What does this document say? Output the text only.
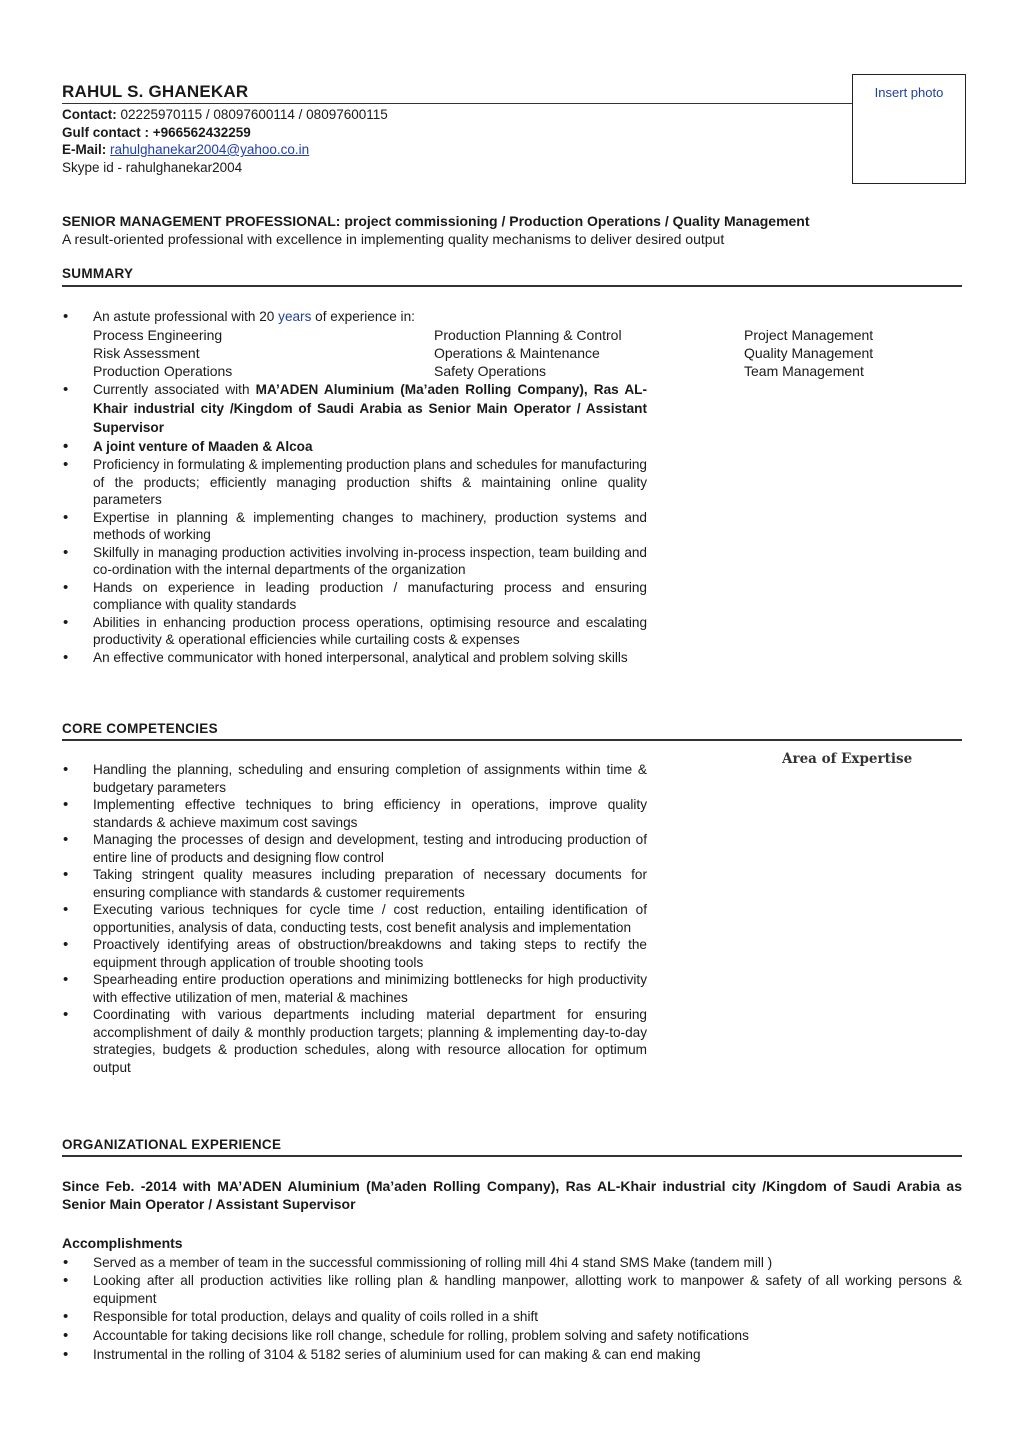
RAHUL S. GHANEKAR	Insert photo
Contact: 02225970115 / 08097600114 / 08097600115
Gulf contact : +966562432259
E-Mail: rahulghanekar2004@yahoo.co.in
Skype id - rahulghanekar2004
SENIOR MANAGEMENT PROFESSIONAL: project commissioning / Production Operations / Quality Management
A result-oriented professional with excellence in implementing quality mechanisms to deliver desired output
SUMMARY
• An astute professional with 20 years of experience in:
Process Engineering	Production Planning & Control	Project Management
Risk Assessment	Operations & Maintenance	Quality Management
Production Operations	Safety Operations	Team Management
• Currently associated with MA’ADEN Aluminium (Ma’aden Rolling Company), Ras AL-Khair industrial city /Kingdom of Saudi Arabia as Senior Main Operator / Assistant Supervisor
• A joint venture of Maaden & Alcoa
• Proficiency in formulating & implementing production plans and schedules for manufacturing of the products; efficiently managing production shifts & maintaining online quality parameters
• Expertise in planning & implementing changes to machinery, production systems and methods of working
• Skilfully in managing production activities involving in-process inspection, team building and co-ordination with the internal departments of the organization
• Hands on experience in leading production / manufacturing process and ensuring compliance with quality standards
• Abilities in enhancing production process operations, optimising resource and escalating productivity & operational efficiencies while curtailing costs & expenses
• An effective communicator with honed interpersonal, analytical and problem solving skills
CORE COMPETENCIES
Area of Expertise
• Handling the planning, scheduling and ensuring completion of assignments within time & budgetary parameters
• Implementing effective techniques to bring efficiency in operations, improve quality standards & achieve maximum cost savings
• Managing the processes of design and development, testing and introducing production of entire line of products and designing flow control
• Taking stringent quality measures including preparation of necessary documents for ensuring compliance with standards & customer requirements
• Executing various techniques for cycle time / cost reduction, entailing identification of opportunities, analysis of data, conducting tests, cost benefit analysis and implementation
• Proactively identifying areas of obstruction/breakdowns and taking steps to rectify the equipment through application of trouble shooting tools
• Spearheading entire production operations and minimizing bottlenecks for high productivity with effective utilization of men, material & machines
• Coordinating with various departments including material department for ensuring accomplishment of daily & monthly production targets; planning & implementing day-to-day strategies, budgets & production schedules, along with resource allocation for optimum output
ORGANIZATIONAL EXPERIENCE
Since Feb. -2014 with MA’ADEN Aluminium (Ma’aden Rolling Company), Ras AL-Khair industrial city /Kingdom of Saudi Arabia as Senior Main Operator / Assistant Supervisor
Accomplishments
• Served as a member of team in the successful commissioning of rolling mill 4hi 4 stand SMS Make (tandem mill )
• Looking after all production activities like rolling plan & handling manpower, allotting work to manpower & safety of all working persons & equipment
• Responsible for total production, delays and quality of coils rolled in a shift
• Accountable for taking decisions like roll change, schedule for rolling, problem solving and safety notifications
• Instrumental in the rolling of 3104 & 5182 series of aluminium used for can making & can end making
